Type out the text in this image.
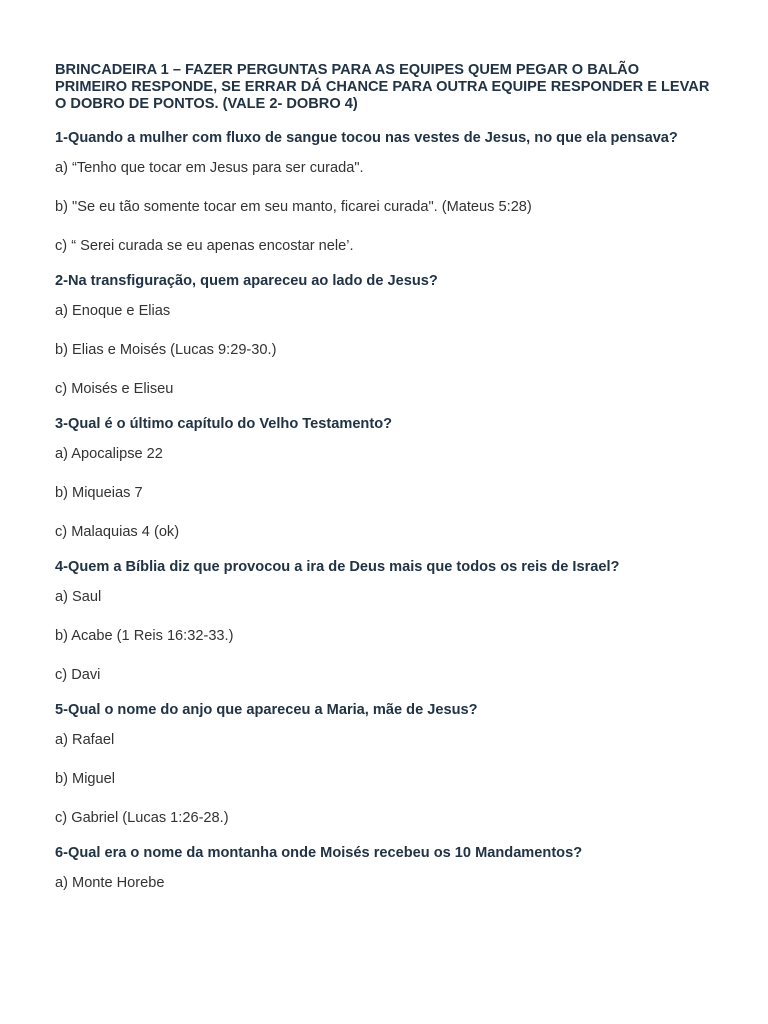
BRINCADEIRA 1 – FAZER PERGUNTAS PARA AS EQUIPES QUEM PEGAR O BALÃO PRIMEIRO RESPONDE, SE ERRAR DÁ CHANCE PARA OUTRA EQUIPE RESPONDER E LEVAR O DOBRO DE PONTOS. (VALE 2- DOBRO 4)
1-Quando a mulher com fluxo de sangue tocou nas vestes de Jesus, no que ela pensava?
a) “Tenho que tocar em Jesus para ser curada".
b) "Se eu tão somente tocar em seu manto, ficarei curada". (Mateus 5:28)
c) “ Serei curada se eu apenas encostar nele’.
2-Na transfiguração, quem apareceu ao lado de Jesus?
a) Enoque e Elias
b) Elias e Moisés (Lucas 9:29-30.)
c) Moisés e Eliseu
3-Qual é o último capítulo do Velho Testamento?
a) Apocalipse 22
b) Miqueias 7
c) Malaquias 4 (ok)
4-Quem a Bíblia diz que provocou a ira de Deus mais que todos os reis de Israel?
a) Saul
b) Acabe (1 Reis 16:32-33.)
c) Davi
5-Qual o nome do anjo que apareceu a Maria, mãe de Jesus?
a) Rafael
b) Miguel
c) Gabriel (Lucas 1:26-28.)
6-Qual era o nome da montanha onde Moisés recebeu os 10 Mandamentos?
a) Monte Horebe
